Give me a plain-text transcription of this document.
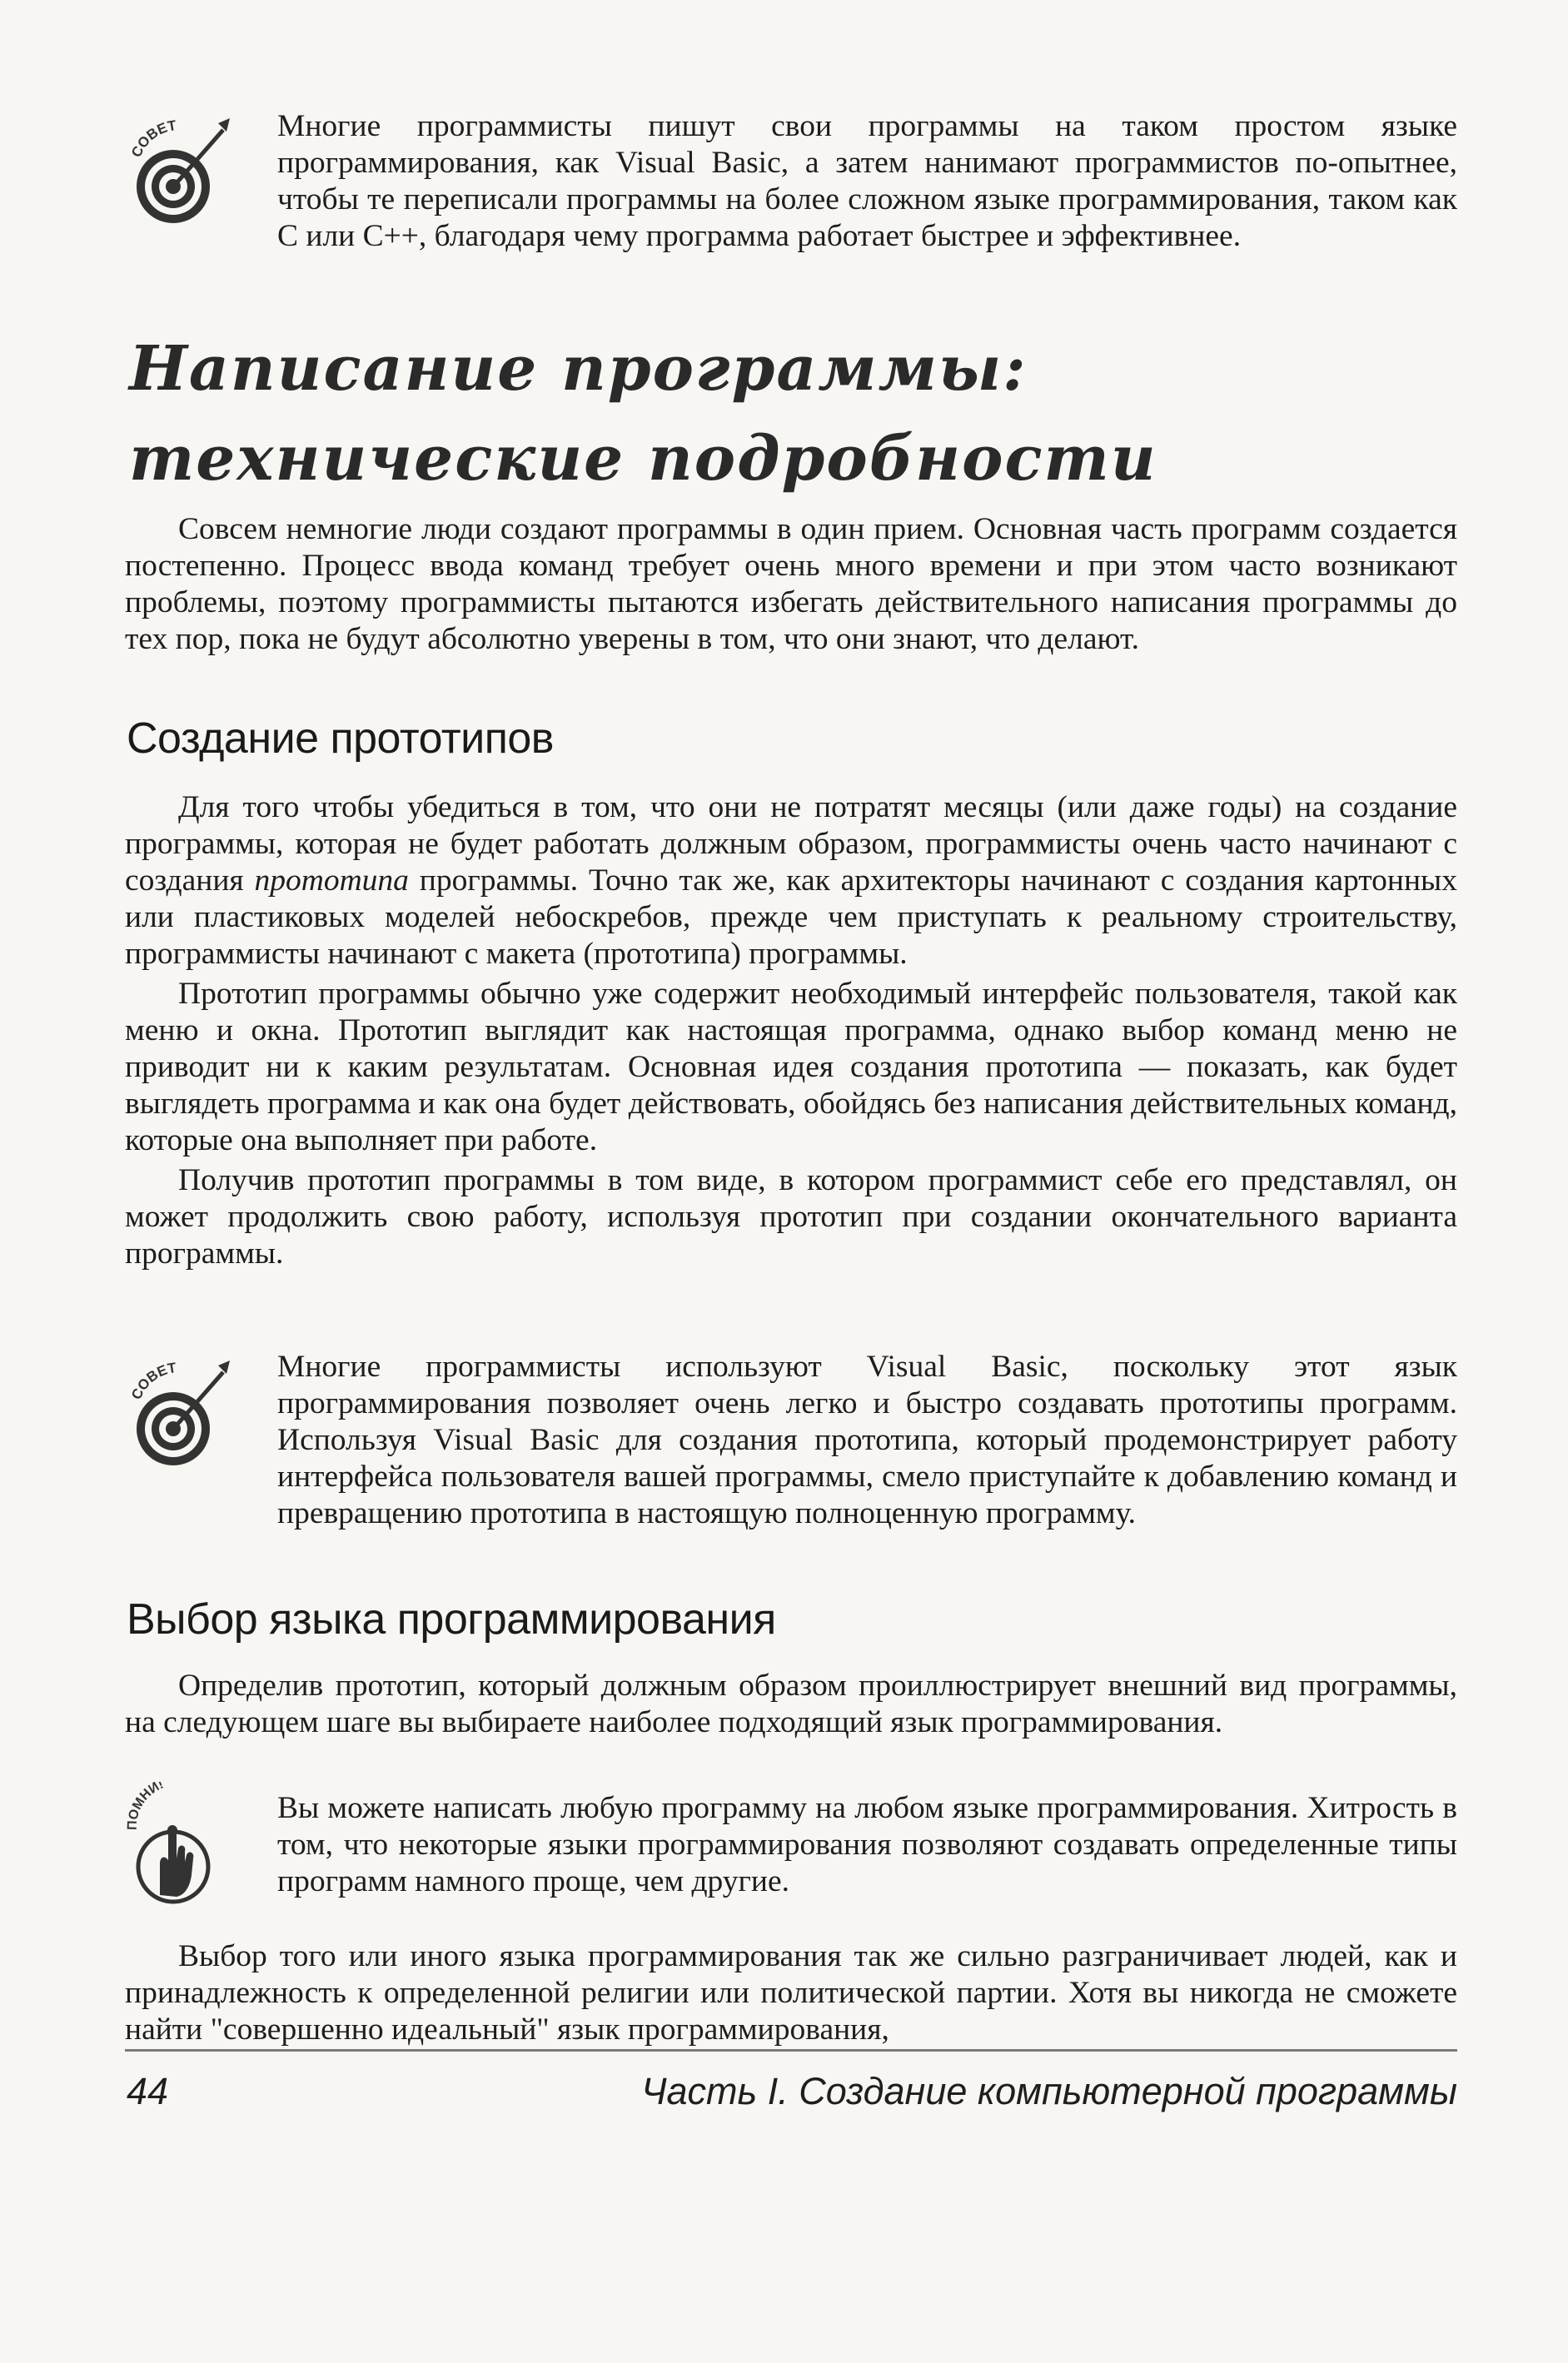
СОВЕТ	Многие программисты пишут свои программы на таком простом языке программирования, как Visual Basic, а затем нанимают программистов по-опытнее, чтобы те переписали программы на более сложном языке программирования, таком как С или С++, благодаря чему программа работает быстрее и эффективнее.

Написание программы:
технические подробности

Совсем немногие люди создают программы в один прием. Основная часть программ создается постепенно. Процесс ввода команд требует очень много времени и при этом часто возникают проблемы, поэтому программисты пытаются избегать действительного написания программы до тех пор, пока не будут абсолютно уверены в том, что они знают, что делают.

Создание прототипов

Для того чтобы убедиться в том, что они не потратят месяцы (или даже годы) на создание программы, которая не будет работать должным образом, программисты очень часто начинают с создания прототипа программы. Точно так же, как архитекторы начинают с создания картонных или пластиковых моделей небоскребов, прежде чем приступать к реальному строительству, программисты начинают с макета (прототипа) программы.

Прототип программы обычно уже содержит необходимый интерфейс пользователя, такой как меню и окна. Прототип выглядит как настоящая программа, однако выбор команд меню не приводит ни к каким результатам. Основная идея создания прототипа — показать, как будет выглядеть программа и как она будет действовать, обойдясь без написания действительных команд, которые она выполняет при работе.

Получив прототип программы в том виде, в котором программист себе его представлял, он может продолжить свою работу, используя прототип при создании окончательного варианта программы.

СОВЕТ	Многие программисты используют Visual Basic, поскольку этот язык программирования позволяет очень легко и быстро создавать прототипы программ. Используя Visual Basic для создания прототипа, который продемонстрирует работу интерфейса пользователя вашей программы, смело приступайте к добавлению команд и превращению прототипа в настоящую полноценную программу.

Выбор языка программирования

Определив прототип, который должным образом проиллюстрирует внешний вид программы, на следующем шаге вы выбираете наиболее подходящий язык программирования.

ПОМНИ!

Вы можете написать любую программу на любом языке программирования. Хитрость в том, что некоторые языки программирования позволяют создавать определенные типы программ намного проще, чем другие.

Выбор того или иного языка программирования так же сильно разграничивает людей, как и принадлежность к определенной религии или политической партии. Хотя вы никогда не сможете найти "совершенно идеальный" язык программирования,

44	Часть I. Создание компьютерной программы
